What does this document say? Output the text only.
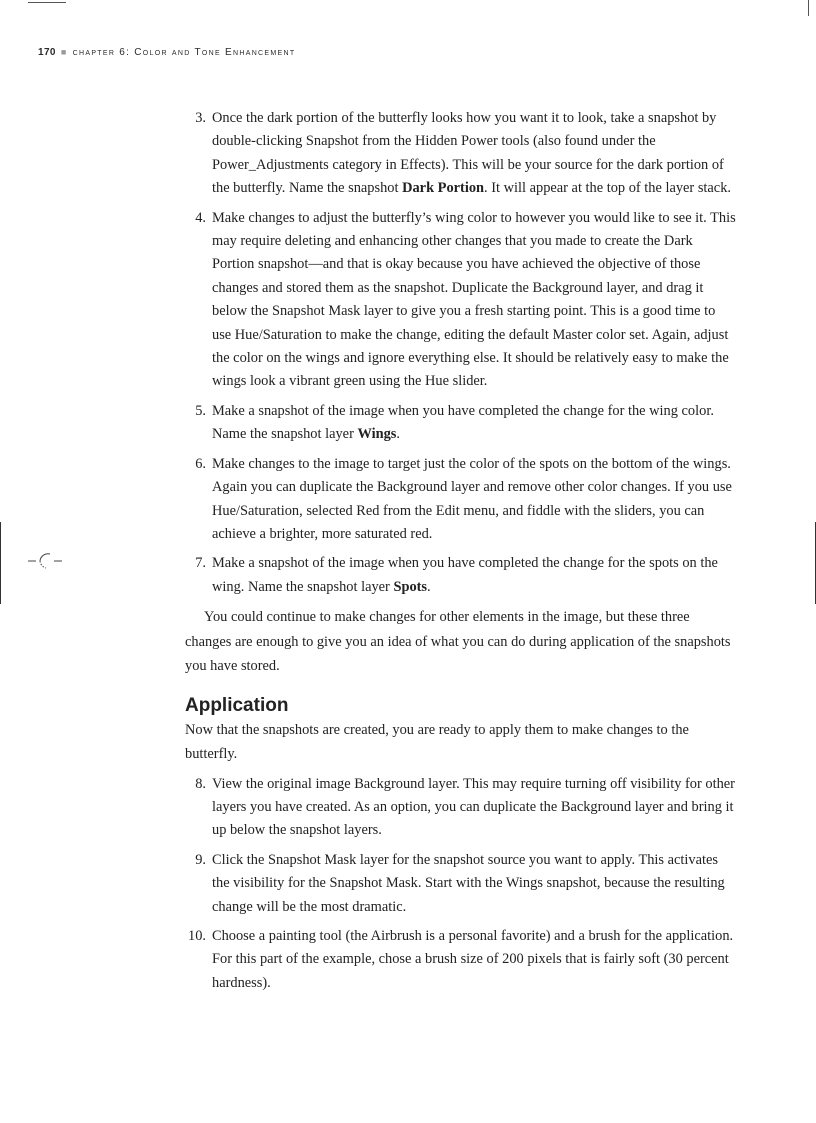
170 ■ chapter 6: Color and Tone Enhancement
3. Once the dark portion of the butterfly looks how you want it to look, take a snapshot by double-clicking Snapshot from the Hidden Power tools (also found under the Power_Adjustments category in Effects). This will be your source for the dark portion of the butterfly. Name the snapshot Dark Portion. It will appear at the top of the layer stack.
4. Make changes to adjust the butterfly’s wing color to however you would like to see it. This may require deleting and enhancing other changes that you made to create the Dark Portion snapshot—and that is okay because you have achieved the objective of those changes and stored them as the snapshot. Duplicate the Background layer, and drag it below the Snapshot Mask layer to give you a fresh starting point. This is a good time to use Hue/Saturation to make the change, editing the default Master color set. Again, adjust the color on the wings and ignore everything else. It should be relatively easy to make the wings look a vibrant green using the Hue slider.
5. Make a snapshot of the image when you have completed the change for the wing color. Name the snapshot layer Wings.
6. Make changes to the image to target just the color of the spots on the bottom of the wings. Again you can duplicate the Background layer and remove other color changes. If you use Hue/Saturation, selected Red from the Edit menu, and fiddle with the sliders, you can achieve a brighter, more saturated red.
7. Make a snapshot of the image when you have completed the change for the spots on the wing. Name the snapshot layer Spots.

You could continue to make changes for other elements in the image, but these three changes are enough to give you an idea of what you can do during application of the snapshots you have stored.

Application

Now that the snapshots are created, you are ready to apply them to make changes to the butterfly.

8. View the original image Background layer. This may require turning off visibility for other layers you have created. As an option, you can duplicate the Background layer and bring it up below the snapshot layers.
9. Click the Snapshot Mask layer for the snapshot source you want to apply. This activates the visibility for the Snapshot Mask. Start with the Wings snapshot, because the resulting change will be the most dramatic.
10. Choose a painting tool (the Airbrush is a personal favorite) and a brush for the application. For this part of the example, chose a brush size of 200 pixels that is fairly soft (30 percent hardness).
